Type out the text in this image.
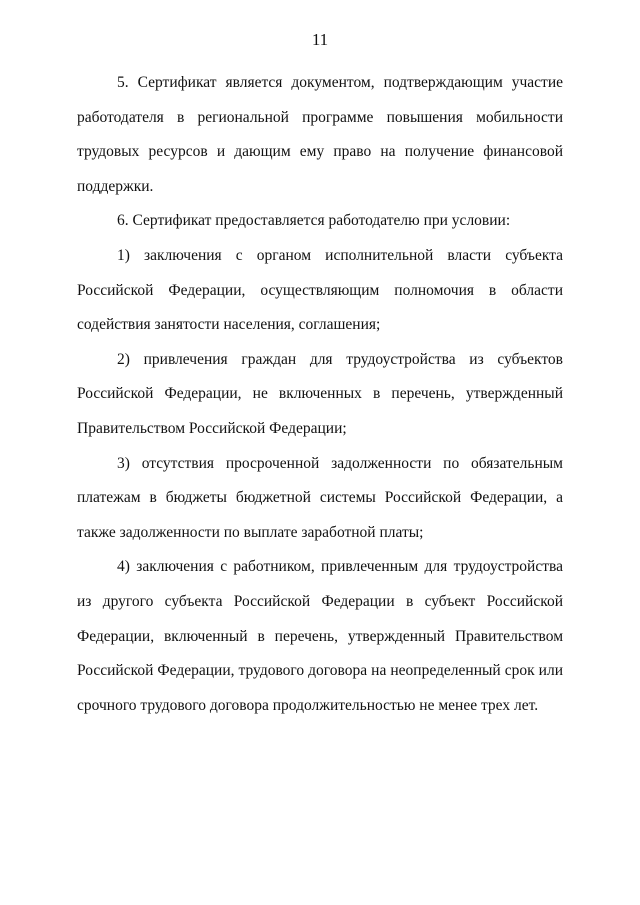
11

5. Сертификат является документом, подтверждающим участие работодателя в региональной программе повышения мобильности трудовых ресурсов и дающим ему право на получение финансовой поддержки.

6. Сертификат предоставляется работодателю при условии:

1) заключения с органом исполнительной власти субъекта Российской Федерации, осуществляющим полномочия в области содействия занятости населения, соглашения;

2) привлечения граждан для трудоустройства из субъектов Российской Федерации, не включенных в перечень, утвержденный Правительством Российской Федерации;

3) отсутствия просроченной задолженности по обязательным платежам в бюджеты бюджетной системы Российской Федерации, а также задолженности по выплате заработной платы;

4) заключения с работником, привлеченным для трудоустройства из другого субъекта Российской Федерации в субъект Российской Федерации, включенный в перечень, утвержденный Правительством Российской Федерации, трудового договора на неопределенный срок или срочного трудового договора продолжительностью не менее трех лет.
